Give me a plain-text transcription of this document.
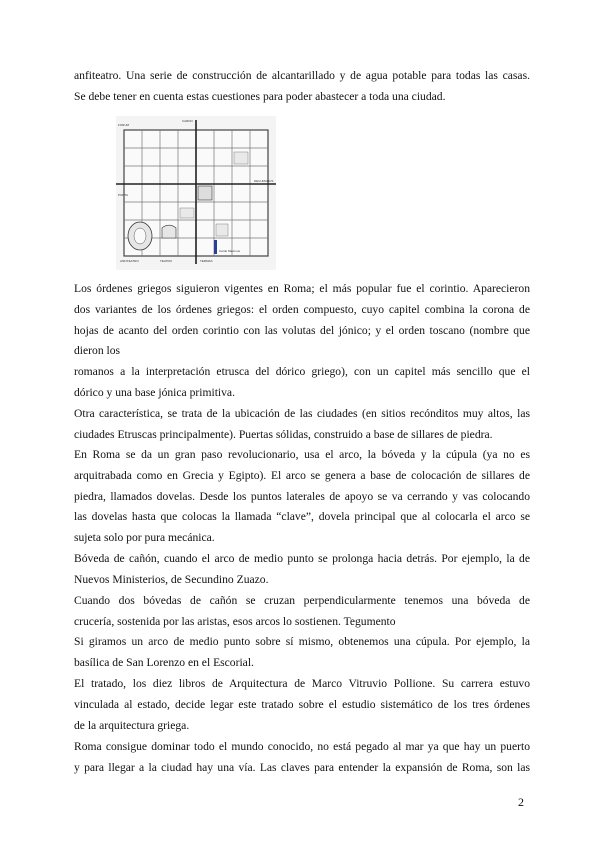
anfiteatro. Una serie de construcción de alcantarillado y de agua potable para todas las casas.
Se debe tener en cuenta estas cuestiones para poder abastecer a toda una ciudad.
FORUM
CARDO
DECUMANUS
PORTA
ANFITEATRO	TEATRO	TERMAS
Cardo Maximus
Los órdenes griegos siguieron vigentes en Roma; el más popular fue el corintio. Aparecieron
dos variantes de los órdenes griegos: el orden compuesto, cuyo capitel combina la corona de
hojas de acanto del orden corintio con las volutas del jónico; y el orden toscano (nombre que
dieron los
romanos a la interpretación etrusca del dórico griego), con un capitel más sencillo que el
dórico y una base jónica primitiva.
Otra característica, se trata de la ubicación de las ciudades (en sitios recónditos muy altos, las
ciudades Etruscas principalmente). Puertas sólidas, construido a base de sillares de piedra.
En Roma se da un gran paso revolucionario, usa el arco, la bóveda y la cúpula (ya no es
arquitrabada como en Grecia y Egipto). El arco se genera a base de colocación de sillares de
piedra, llamados dovelas. Desde los puntos laterales de apoyo se va cerrando y vas colocando
las dovelas hasta que colocas la llamada “clave”, dovela principal que al colocarla el arco se
sujeta solo por pura mecánica.
Bóveda de cañón, cuando el arco de medio punto se prolonga hacia detrás. Por ejemplo, la de
Nuevos Ministerios, de Secundino Zuazo.
Cuando dos bóvedas de cañón se cruzan perpendicularmente tenemos una bóveda de
crucería, sostenida por las aristas, esos arcos lo sostienen. Tegumento
Si giramos un arco de medio punto sobre sí mismo, obtenemos una cúpula. Por ejemplo, la
basílica de San Lorenzo en el Escorial.
El tratado, los diez libros de Arquitectura de Marco Vitruvio Pollione. Su carrera estuvo
vinculada al estado, decide legar este tratado sobre el estudio sistemático de los tres órdenes
de la arquitectura griega.
Roma consigue dominar todo el mundo conocido, no está pegado al mar ya que hay un puerto
y para llegar a la ciudad hay una vía. Las claves para entender la expansión de Roma, son las
2
